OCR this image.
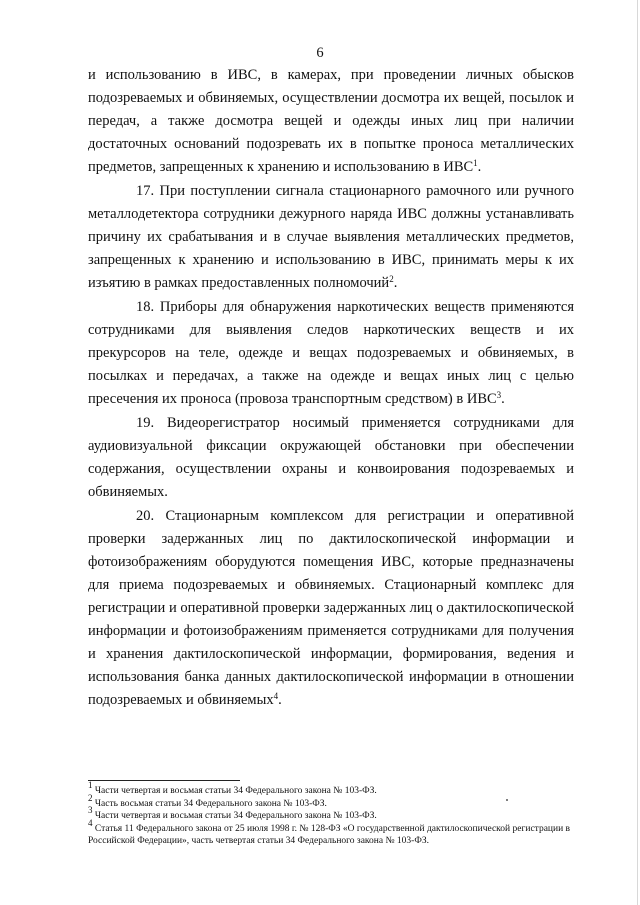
6

и использованию в ИВС, в камерах, при проведении личных обысков подозреваемых и обвиняемых, осуществлении досмотра их вещей, посылок и передач, а также досмотра вещей и одежды иных лиц при наличии достаточных оснований подозревать их в попытке проноса металлических предметов, запрещенных к хранению и использованию в ИВС$^1$.

17. При поступлении сигнала стационарного рамочного или ручного металлодетектора сотрудники дежурного наряда ИВС должны устанавливать причину их срабатывания и в случае выявления металлических предметов, запрещенных к хранению и использованию в ИВС, принимать меры к их изъятию в рамках предоставленных полномочий$^2$.

18. Приборы для обнаружения наркотических веществ применяются сотрудниками для выявления следов наркотических веществ и их прекурсоров на теле, одежде и вещах подозреваемых и обвиняемых, в посылках и передачах, а также на одежде и вещах иных лиц с целью пресечения их проноса (провоза транспортным средством) в ИВС$^3$.

19. Видеорегистратор носимый применяется сотрудниками для аудиовизуальной фиксации окружающей обстановки при обеспечении содержания, осуществлении охраны и конвоирования подозреваемых и обвиняемых.

20. Стационарным комплексом для регистрации и оперативной проверки задержанных лиц по дактилоскопической информации и фотоизображениям оборудуются помещения ИВС, которые предназначены для приема подозреваемых и обвиняемых. Стационарный комплекс для регистрации и оперативной проверки задержанных лиц о дактилоскопической информации и фотоизображениям применяется сотрудниками для получения и хранения дактилоскопической информации, формирования, ведения и использования банка данных дактилоскопической информации в отношении подозреваемых и обвиняемых$^4$.

$^1$ Части четвертая и восьмая статьи 34 Федерального закона № 103-ФЗ.
$^2$ Часть восьмая статьи 34 Федерального закона № 103-ФЗ.
$^3$ Части четвертая и восьмая статьи 34 Федерального закона № 103-ФЗ.
$^4$ Статья 11 Федерального закона от 25 июля 1998 г. № 128-ФЗ «О государственной дактилоскопической регистрации в Российской Федерации», часть четвертая статьи 34 Федерального закона № 103-ФЗ.
